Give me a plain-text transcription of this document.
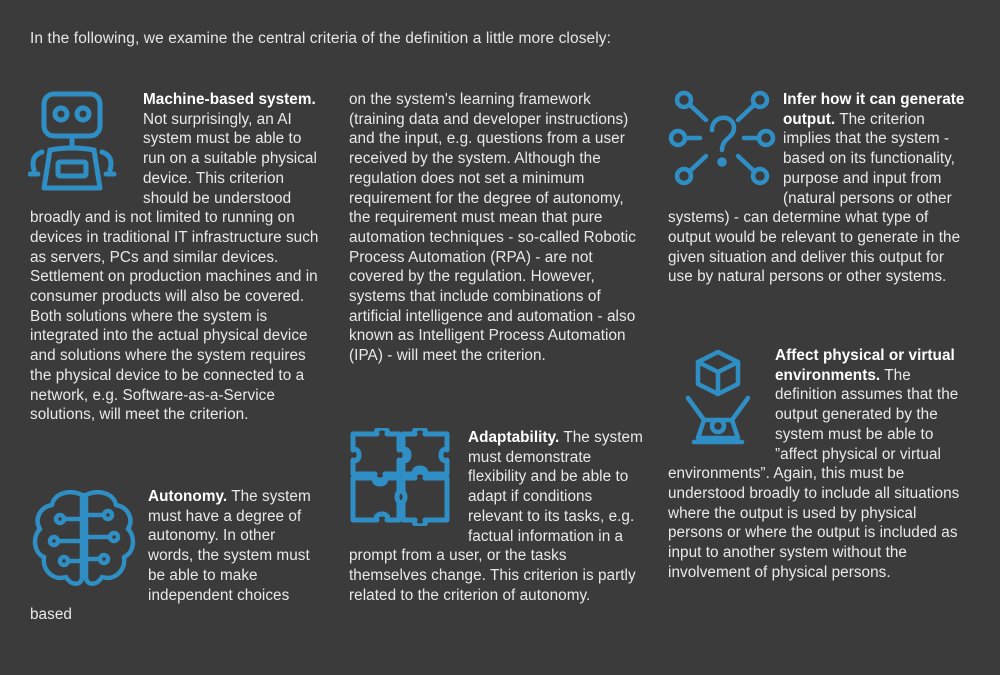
In the following, we examine the central criteria of the definition a little more closely:
Machine-based system. Not surprisingly, an AI system must be able to run on a suitable physical device. This criterion should be understood broadly and is not limited to running on devices in traditional IT infrastructure such as servers, PCs and similar devices. Settlement on production machines and in consumer products will also be covered. Both solutions where the system is integrated into the actual physical device and solutions where the system requires the physical device to be connected to a network, e.g. Software-as-a-Service solutions, will meet the criterion.
Autonomy. The system must have a degree of autonomy. In other words, the system must be able to make independent choices based
on the system's learning framework (training data and developer instructions) and the input, e.g. questions from a user received by the system. Although the regulation does not set a minimum requirement for the degree of autonomy, the requirement must mean that pure automation techniques - so-called Robotic Process Automation (RPA) - are not covered by the regulation. However, systems that include combinations of artificial intelligence and automation - also known as Intelligent Process Automation (IPA) - will meet the criterion.
Adaptability. The system must demonstrate flexibility and be able to adapt if conditions relevant to its tasks, e.g. factual information in a prompt from a user, or the tasks themselves change. This criterion is partly related to the criterion of autonomy.
Infer how it can generate output. The criterion implies that the system - based on its functionality, purpose and input from (natural persons or other systems) - can determine what type of output would be relevant to generate in the given situation and deliver this output for use by natural persons or other systems.
Affect physical or virtual environments. The definition assumes that the output generated by the system must be able to ”affect physical or virtual environments”. Again, this must be understood broadly to include all situations where the output is used by physical persons or where the output is included as input to another system without the involvement of physical persons.
